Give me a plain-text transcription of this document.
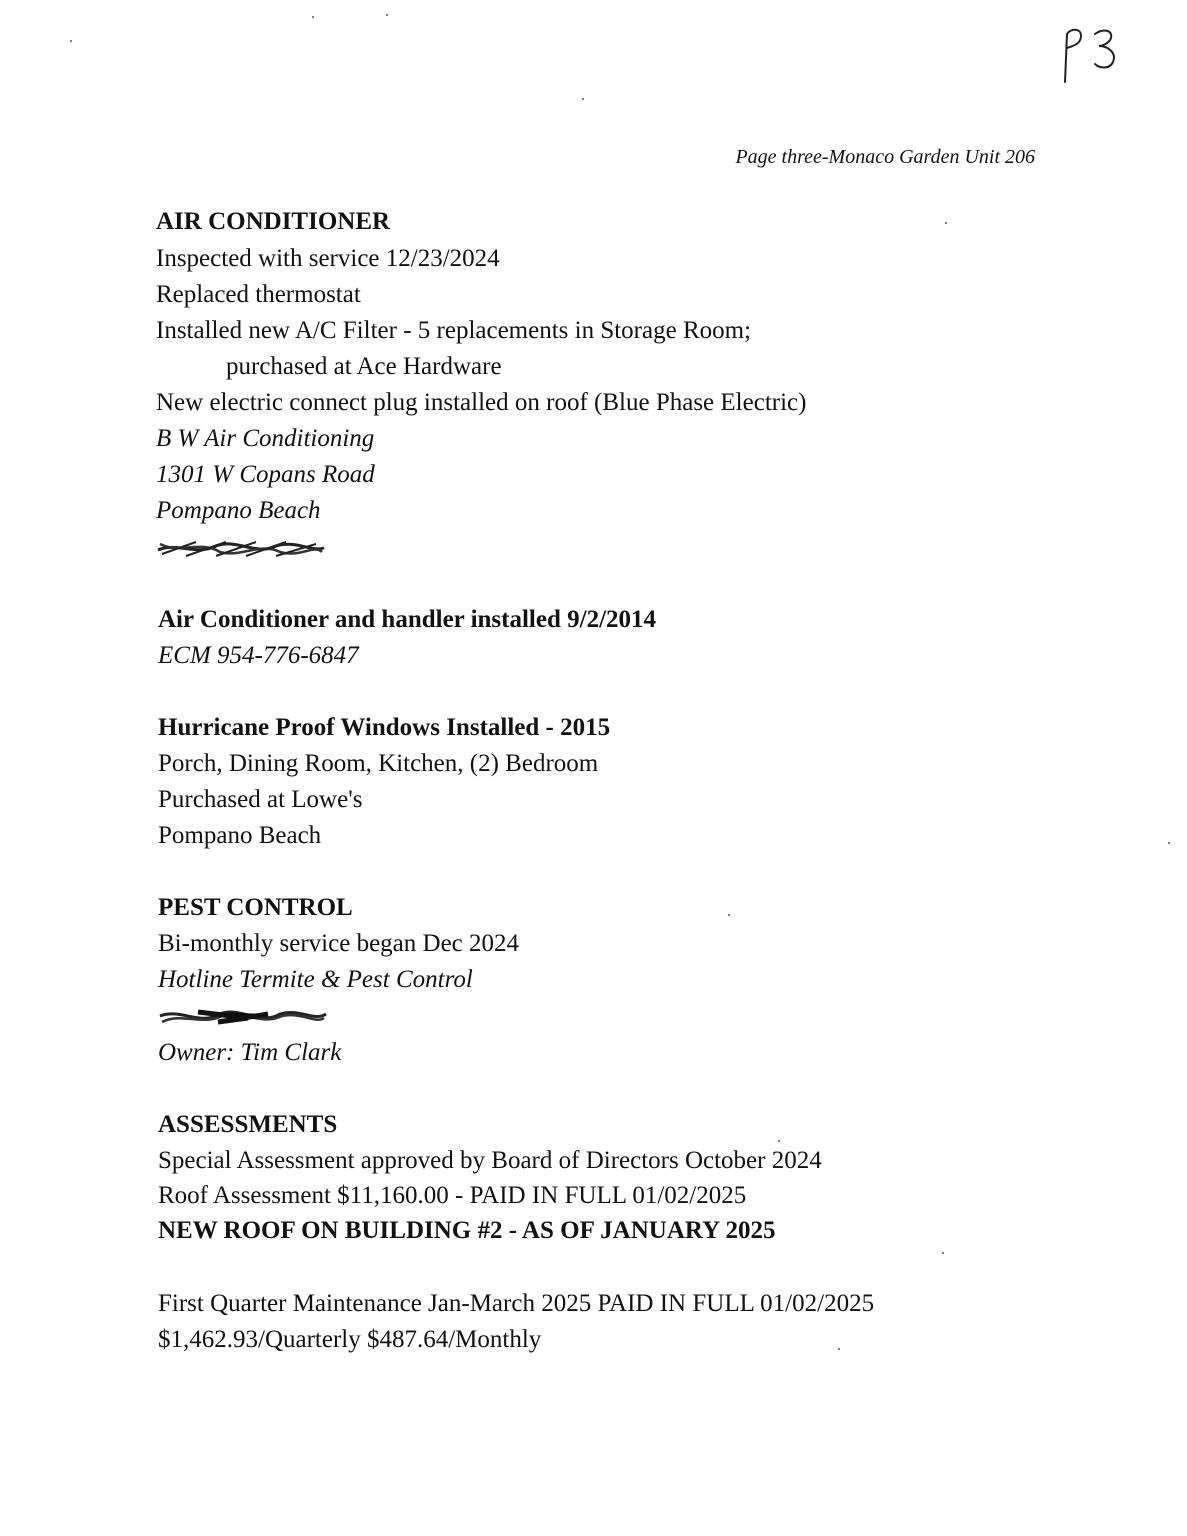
Page three-Monaco Garden Unit 206
AIR CONDITIONER
Inspected with service 12/23/2024
Replaced thermostat
Installed new A/C Filter - 5 replacements in Storage Room;
purchased at Ace Hardware
New electric connect plug installed on roof (Blue Phase Electric)
B W Air Conditioning
1301 W Copans Road
Pompano Beach
Air Conditioner and handler installed 9/2/2014
ECM 954-776-6847
Hurricane Proof Windows Installed - 2015
Porch, Dining Room, Kitchen, (2) Bedroom
Purchased at Lowe's
Pompano Beach
PEST CONTROL
Bi-monthly service began Dec 2024
Hotline Termite & Pest Control
Owner: Tim Clark
ASSESSMENTS
Special Assessment approved by Board of Directors October 2024
Roof Assessment $11,160.00 - PAID IN FULL 01/02/2025
NEW ROOF ON BUILDING #2 - AS OF JANUARY 2025
First Quarter Maintenance Jan-March 2025 PAID IN FULL 01/02/2025
$1,462.93/Quarterly $487.64/Monthly
